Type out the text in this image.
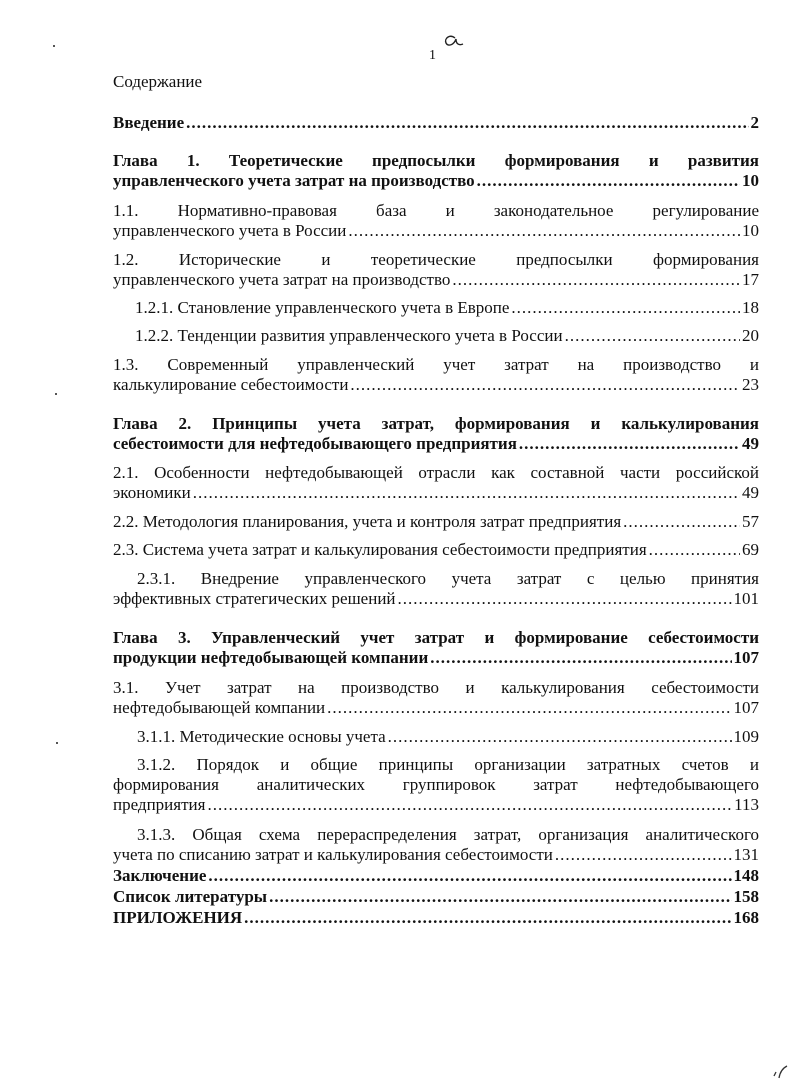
1
Содержание
Введение .....	2
Глава 1. Теоретические предпосылки формирования и развития
управленческого учета затрат на производство .....	10
1.1. Нормативно-правовая база и законодательное регулирование
управленческого учета в России .....	10
1.2. Исторические и теоретические предпосылки формирования
управленческого учета затрат на производство .....	17
1.2.1. Становление управленческого учета в Европе .....	18
1.2.2. Тенденции развития управленческого учета в России .....	20
1.3. Современный управленческий учет затрат на производство и
калькулирование себестоимости .....	23
Глава 2. Принципы учета затрат, формирования и калькулирования
себестоимости для нефтедобывающего предприятия .....	49
2.1. Особенности нефтедобывающей отрасли как составной части российской
экономики .....	49
2.2. Методология планирования, учета и контроля затрат предприятия .....	57
2.3. Система учета затрат и калькулирования себестоимости предприятия .....	69
2.3.1. Внедрение управленческого учета затрат с целью принятия
эффективных стратегических решений .....	101
Глава 3. Управленческий учет затрат и формирование себестоимости
продукции нефтедобывающей компании .....	107
3.1. Учет затрат на производство и калькулирования себестоимости
нефтедобывающей компании .....	107
3.1.1. Методические основы учета .....	109
3.1.2. Порядок и общие принципы организации затратных счетов и
формирования аналитических группировок затрат нефтедобывающего
предприятия .....	113
3.1.3. Общая схема перераспределения затрат, организация аналитического
учета по списанию затрат и калькулирования себестоимости .....	131
Заключение .....	148
Список литературы .....	158
ПРИЛОЖЕНИЯ .....	168
